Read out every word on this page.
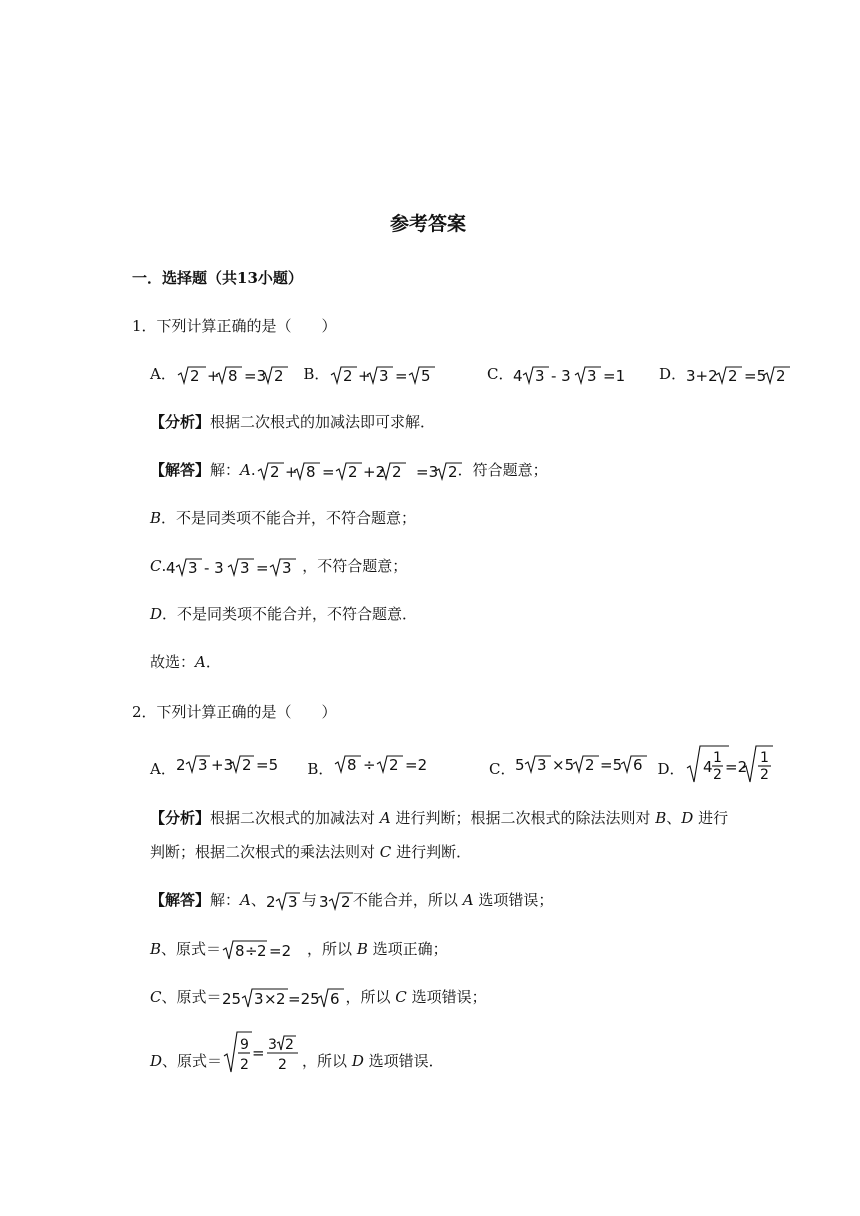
参考答案
一．选择题（共13小题）
1．下列计算正确的是（　　）
A． 2 + 8 =3 2 B． 2 + 3 = 5	C． 4 3 - 3 3 =1 D． 3+2 2 =5 2
【分析】根据二次根式的加减法即可求解．
【解答】解：A. 2 + 8 = 2 +2 2 =3 2 ．符合题意；
B．不是同类项不能合并，不符合题意；
C. 4 3 - 3 3 = 3 ，不符合题意；
D．不是同类项不能合并，不符合题意．
故选：A．
2．下列计算正确的是（　　）
A． 2 3 +3 2 =5 B． 8 ÷ 2 =2	C． 5 3 ×5 2 =5 6 D． 4 1
2 =2 1
2
【分析】根据二次根式的加减法对 A 进行判断；根据二次根式的除法法则对 B、D 进行
判断；根据二次根式的乘法法则对 C 进行判断．
【解答】解：A、 2 3 与 3 2 不能合并，所以 A 选项错误；
B、原式＝ 8 ÷ 2 =2 ，所以 B 选项正确；
C、原式＝ 25 3 × 2 =25 6 ，所以 C 选项错误；
D、原式＝
9
2
= 3 2
2 ，所以 D 选项错误．
